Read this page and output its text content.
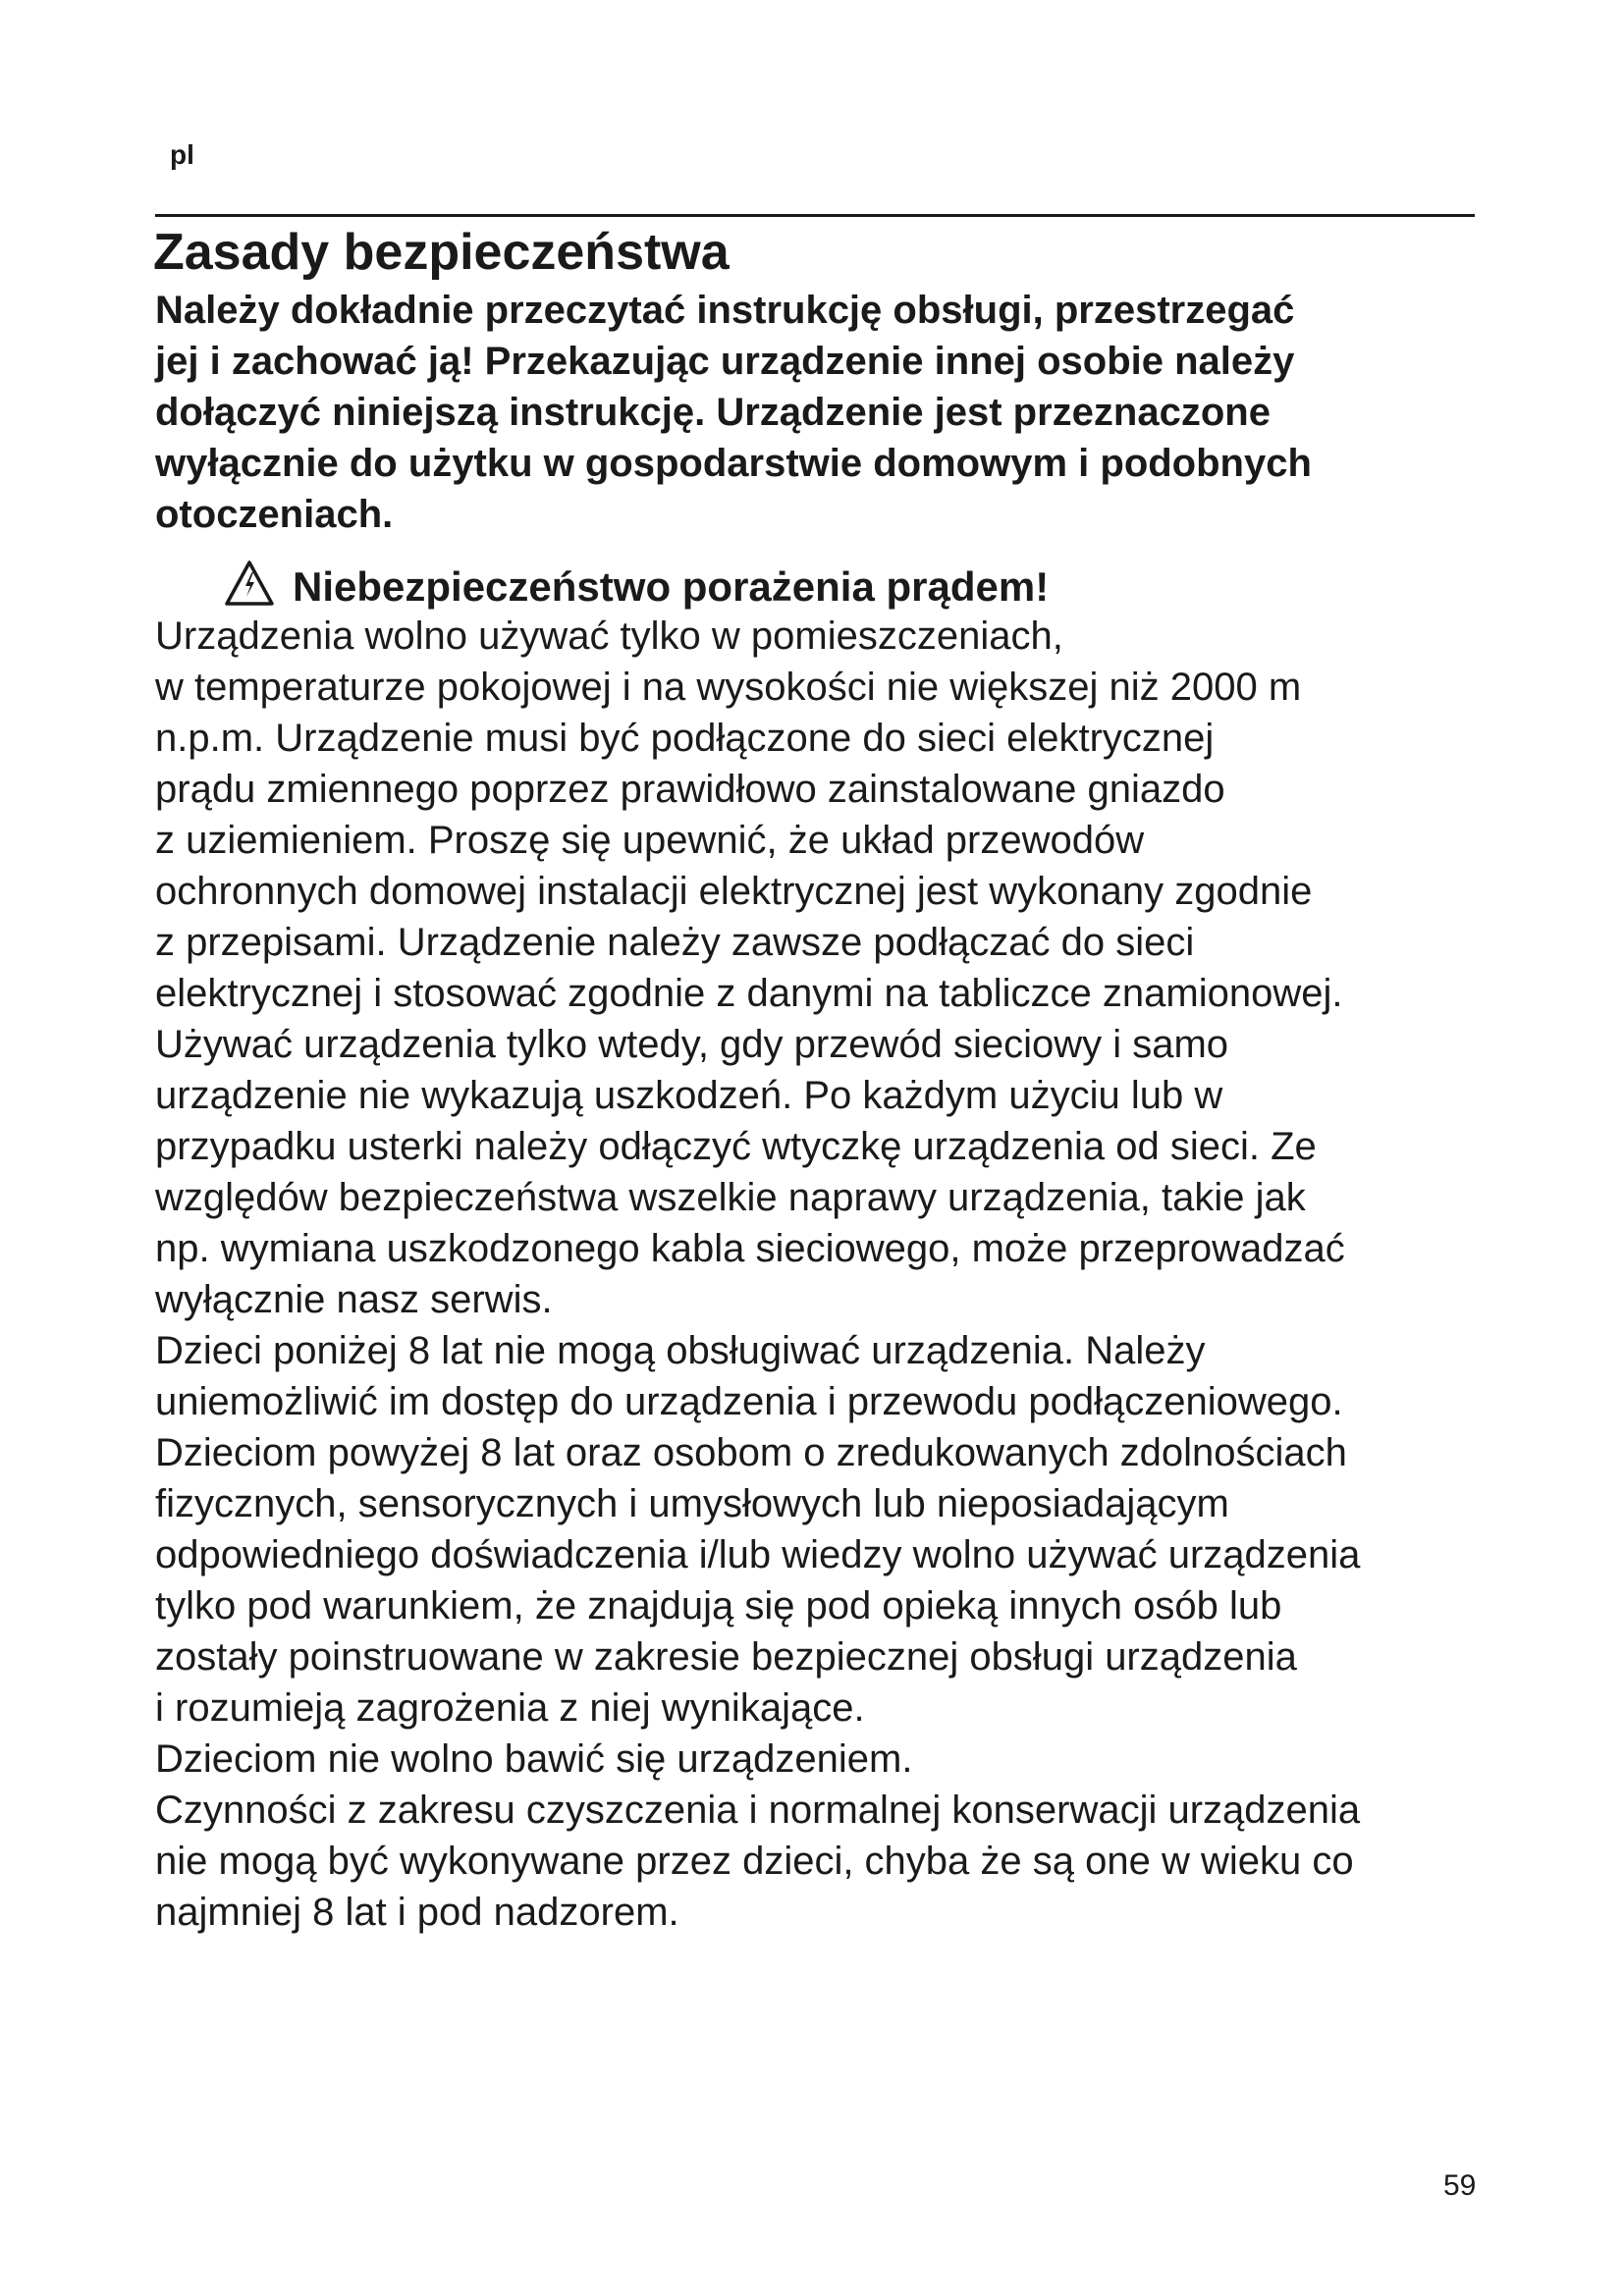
pl
Zasady bezpieczeństwa
Należy dokładnie przeczytać instrukcję obsługi, przestrzegać
jej i zachować ją! Przekazując urządzenie innej osobie należy
dołączyć niniejszą instrukcję. Urządzenie jest przeznaczone
wyłącznie do użytku w gospodarstwie domowym i podobnych
otoczeniach.
Niebezpieczeństwo porażenia prądem!
Urządzenia wolno używać tylko w pomieszczeniach,
w temperaturze pokojowej i na wysokości nie większej niż 2000 m
n.p.m. Urządzenie musi być podłączone do sieci elektrycznej
prądu zmiennego poprzez prawidłowo zainstalowane gniazdo
z uziemieniem. Proszę się upewnić, że układ przewodów
ochronnych domowej instalacji elektrycznej jest wykonany zgodnie
z przepisami. Urządzenie należy zawsze podłączać do sieci
elektrycznej i stosować zgodnie z danymi na tabliczce znamionowej.
Używać urządzenia tylko wtedy, gdy przewód sieciowy i samo
urządzenie nie wykazują uszkodzeń. Po każdym użyciu lub w
przypadku usterki należy odłączyć wtyczkę urządzenia od sieci. Ze
względów bezpieczeństwa wszelkie naprawy urządzenia, takie jak
np. wymiana uszkodzonego kabla sieciowego, może przeprowadzać
wyłącznie nasz serwis.
Dzieci poniżej 8 lat nie mogą obsługiwać urządzenia. Należy
uniemożliwić im dostęp do urządzenia i przewodu podłączeniowego.
Dzieciom powyżej 8 lat oraz osobom o zredukowanych zdolnościach
fizycznych, sensorycznych i umysłowych lub nieposiadającym
odpowiedniego doświadczenia i/lub wiedzy wolno używać urządzenia
tylko pod warunkiem, że znajdują się pod opieką innych osób lub
zostały poinstruowane w zakresie bezpiecznej obsługi urządzenia
i rozumieją zagrożenia z niej wynikające.
Dzieciom nie wolno bawić się urządzeniem.
Czynności z zakresu czyszczenia i normalnej konserwacji urządzenia
nie mogą być wykonywane przez dzieci, chyba że są one w wieku co
najmniej 8 lat i pod nadzorem.
59
